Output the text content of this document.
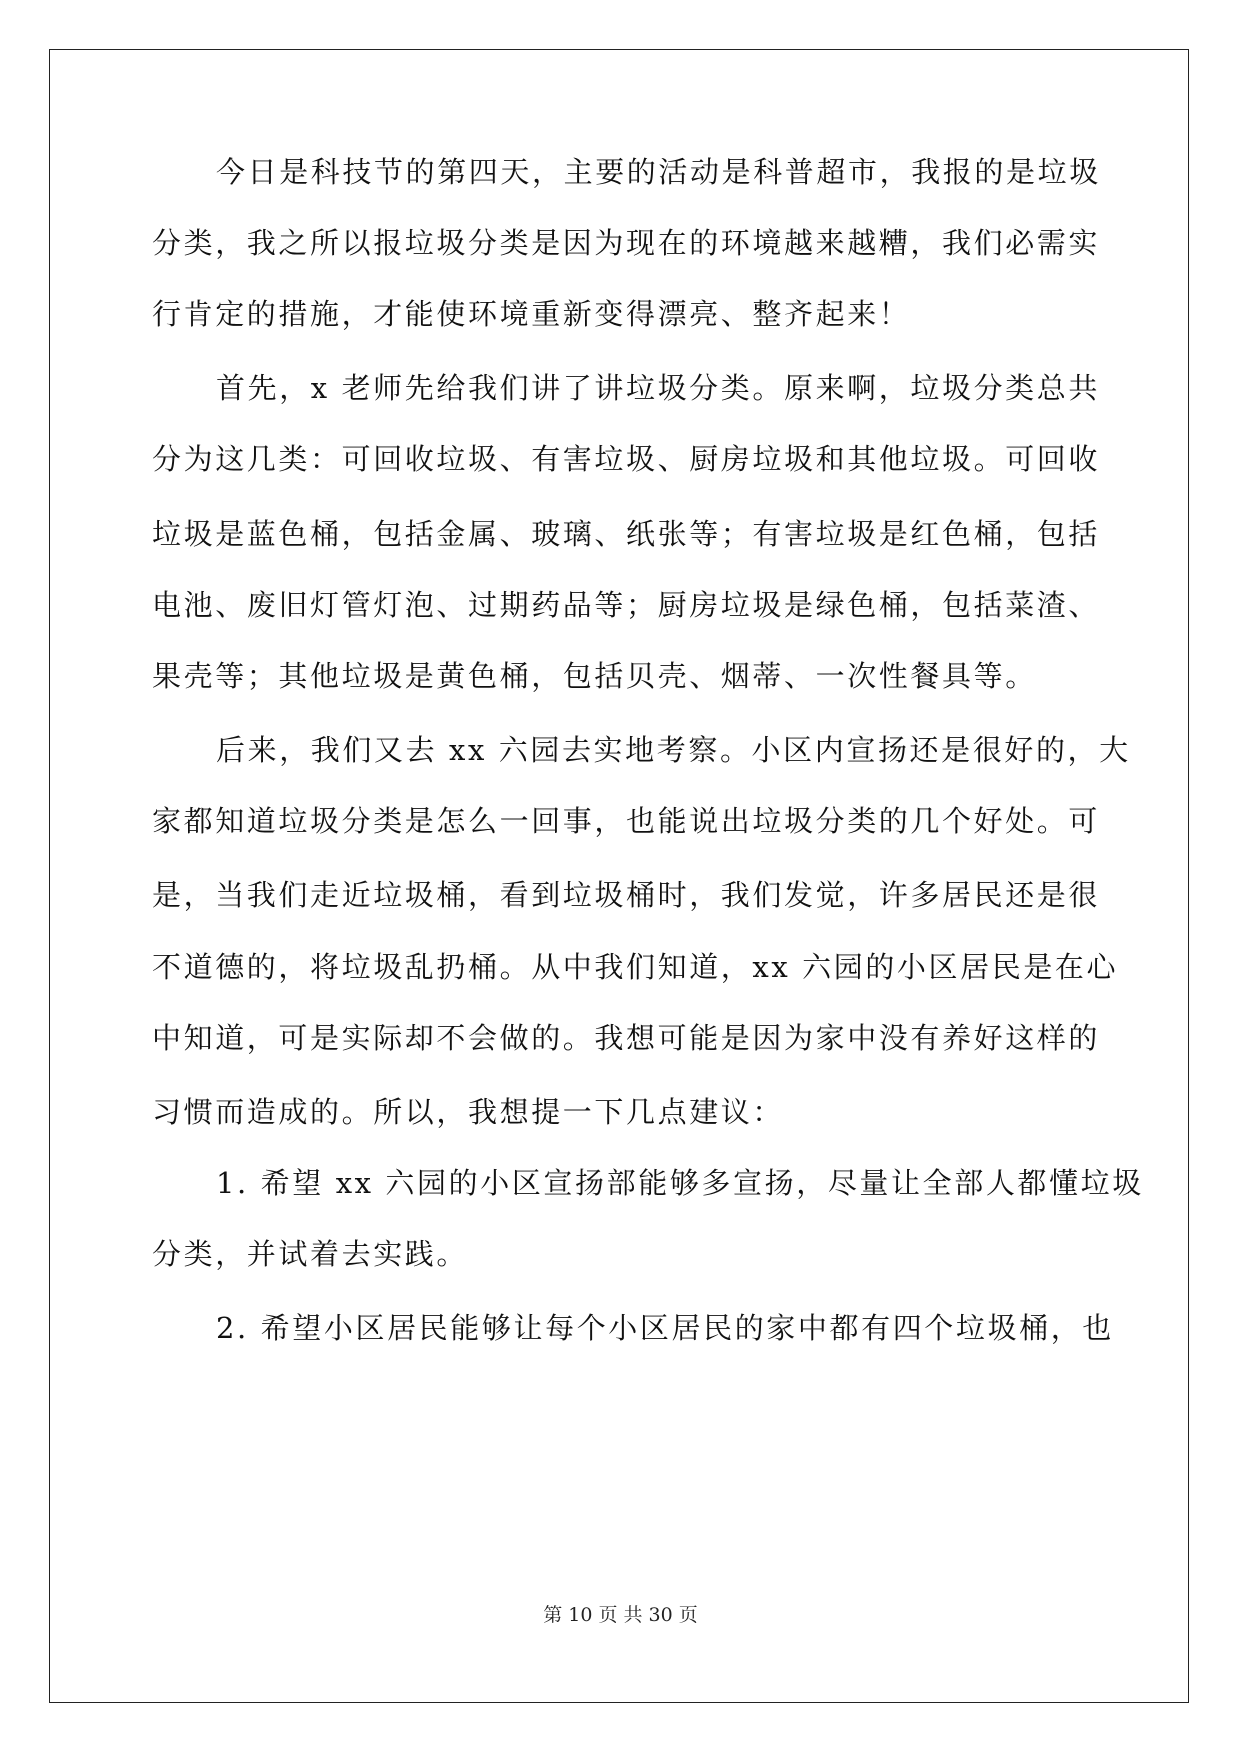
今日是科技节的第四天，主要的活动是科普超市，我报的是垃圾
分类，我之所以报垃圾分类是因为现在的环境越来越糟，我们必需实
行肯定的措施，才能使环境重新变得漂亮、整齐起来！
首先，x 老师先给我们讲了讲垃圾分类。原来啊，垃圾分类总共
分为这几类：可回收垃圾、有害垃圾、厨房垃圾和其他垃圾。可回收
垃圾是蓝色桶，包括金属、玻璃、纸张等；有害垃圾是红色桶，包括
电池、废旧灯管灯泡、过期药品等；厨房垃圾是绿色桶，包括菜渣、
果壳等；其他垃圾是黄色桶，包括贝壳、烟蒂、一次性餐具等。
后来，我们又去 xx 六园去实地考察。小区内宣扬还是很好的，大
家都知道垃圾分类是怎么一回事，也能说出垃圾分类的几个好处。可
是，当我们走近垃圾桶，看到垃圾桶时，我们发觉，许多居民还是很
不道德的，将垃圾乱扔桶。从中我们知道，xx 六园的小区居民是在心
中知道，可是实际却不会做的。我想可能是因为家中没有养好这样的
习惯而造成的。所以，我想提一下几点建议：
1. 希望 xx 六园的小区宣扬部能够多宣扬，尽量让全部人都懂垃圾
分类，并试着去实践。
2. 希望小区居民能够让每个小区居民的家中都有四个垃圾桶，也
第 10 页 共 30 页
